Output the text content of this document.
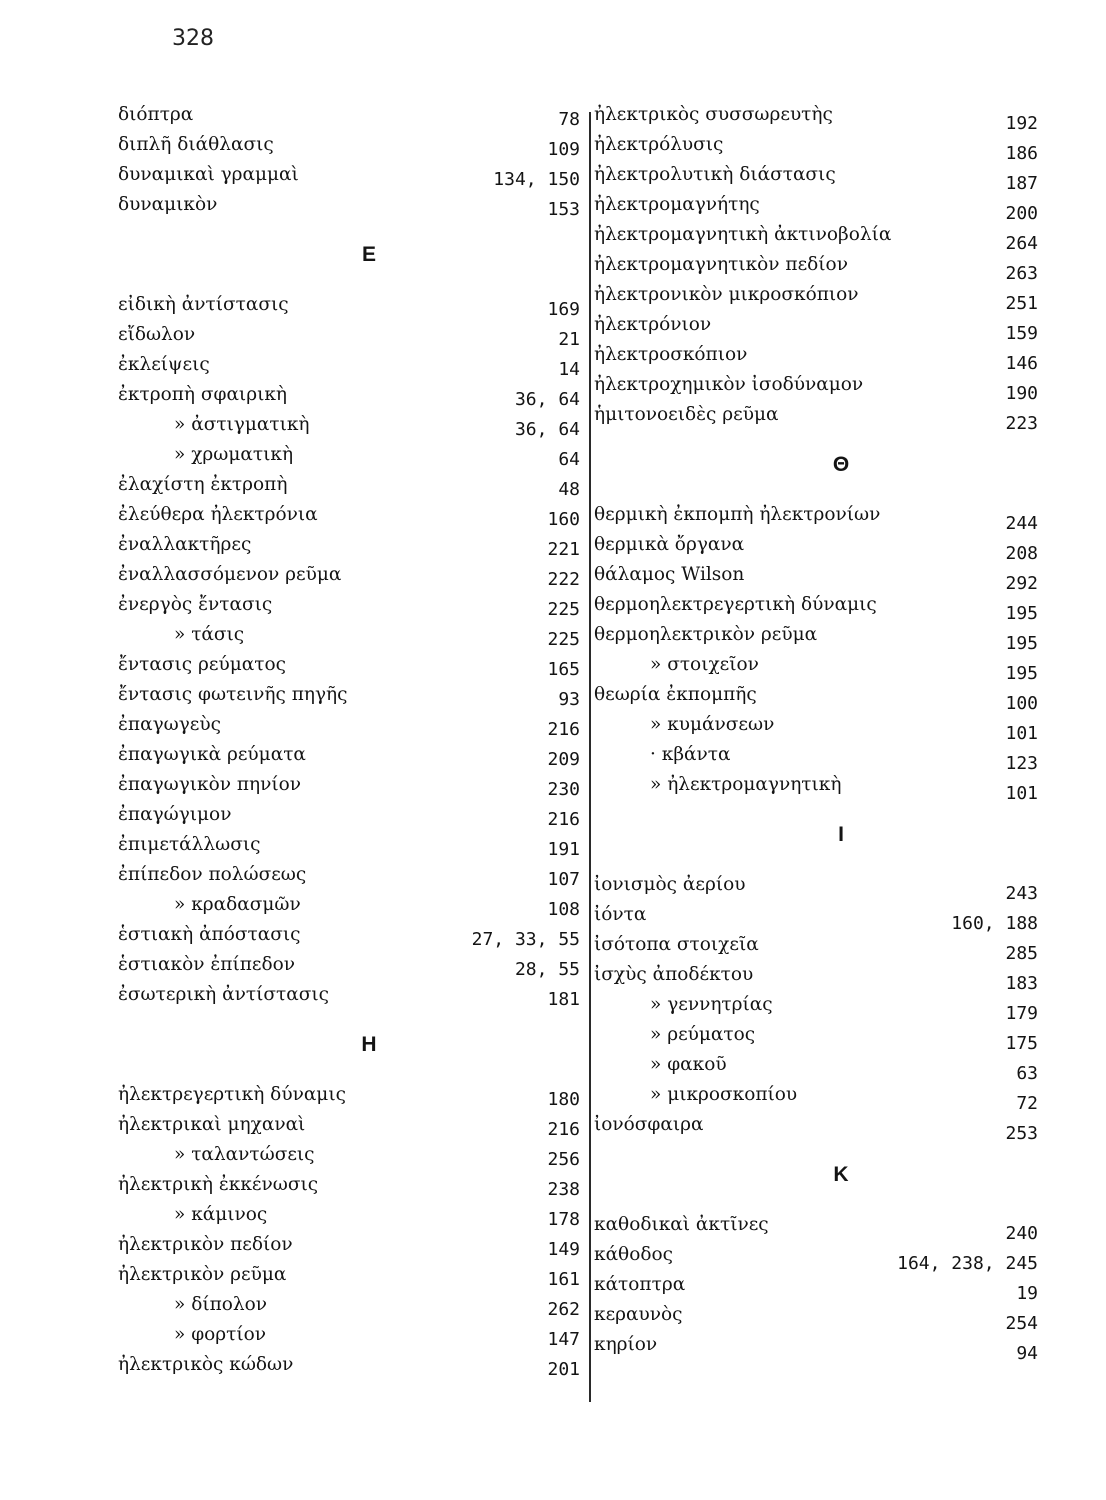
328
διόπτρα	78
διπλῆ διάθλασις	109
δυναμικαὶ γραμμαὶ	134, 150
δυναμικὸν	153
Ε
εἰδικὴ ἀντίστασις	169
εἴδωλον	21
ἐκλείψεις	14
ἐκτροπὴ σφαιρικὴ	36, 64
» ἀστιγματικὴ	36, 64
» χρωματικὴ	64
ἐλαχίστη ἐκτροπὴ	48
ἐλεύθερα ἠλεκτρόνια	160
ἐναλλακτῆρες	221
ἐναλλασσόμενον ρεῦμα	222
ἐνεργὸς ἔντασις	225
» τάσις	225
ἔντασις ρεύματος	165
ἔντασις φωτεινῆς πηγῆς	93
ἐπαγωγεὺς	216
ἐπαγωγικὰ ρεύματα	209
ἐπαγωγικὸν πηνίον	230
ἐπαγώγιμον	216
ἐπιμετάλλωσις	191
ἐπίπεδον πολώσεως	107
» κραδασμῶν	108
ἑστιακὴ ἀπόστασις	27, 33, 55
ἑστιακὸν ἐπίπεδον	28, 55
ἐσωτερικὴ ἀντίστασις	181
Η
ἠλεκτρεγερτικὴ δύναμις	180
ἠλεκτρικαὶ μηχαναὶ	216
» ταλαντώσεις	256
ἠλεκτρικὴ ἐκκένωσις	238
» κάμινος	178
ἠλεκτρικὸν πεδίον	149
ἠλεκτρικὸν ρεῦμα	161
» δίπολον	262
» φορτίον	147
ἠλεκτρικὸς κώδων	201
ἠλεκτρικὸς συσσωρευτὴς	192
ἠλεκτρόλυσις	186
ἠλεκτρολυτικὴ διάστασις	187
ἠλεκτρομαγνήτης	200
ἠλεκτρομαγνητικὴ ἀκτινοβολία	264
ἠλεκτρομαγνητικὸν πεδίον	263
ἠλεκτρονικὸν μικροσκόπιον	251
ἠλεκτρόνιον	159
ἠλεκτροσκόπιον	146
ἠλεκτροχημικὸν ἰσοδύναμον	190
ἡμιτονοειδὲς ρεῦμα	223
Θ
θερμικὴ ἐκπομπὴ ἠλεκτρονίων	244
θερμικὰ ὄργανα	208
θάλαμος Wilson	292
θερμοηλεκτρεγερτικὴ δύναμις	195
θερμοηλεκτρικὸν ρεῦμα	195
» στοιχεῖον	195
θεωρία ἐκπομπῆς	100
» κυμάνσεων	101
· κβάντα	123
» ἠλεκτρομαγνητικὴ	101
Ι
ἰονισμὸς ἀερίου	243
ἰόντα	160, 188
ἰσότοπα στοιχεῖα	285
ἰσχὺς ἀποδέκτου	183
» γεννητρίας	179
» ρεύματος	175
» φακοῦ	63
» μικροσκοπίου	72
ἰονόσφαιρα	253
Κ
καθοδικαὶ ἀκτῖνες	240
κάθοδος	164, 238, 245
κάτοπτρα	19
κεραυνὸς	254
κηρίον	94
